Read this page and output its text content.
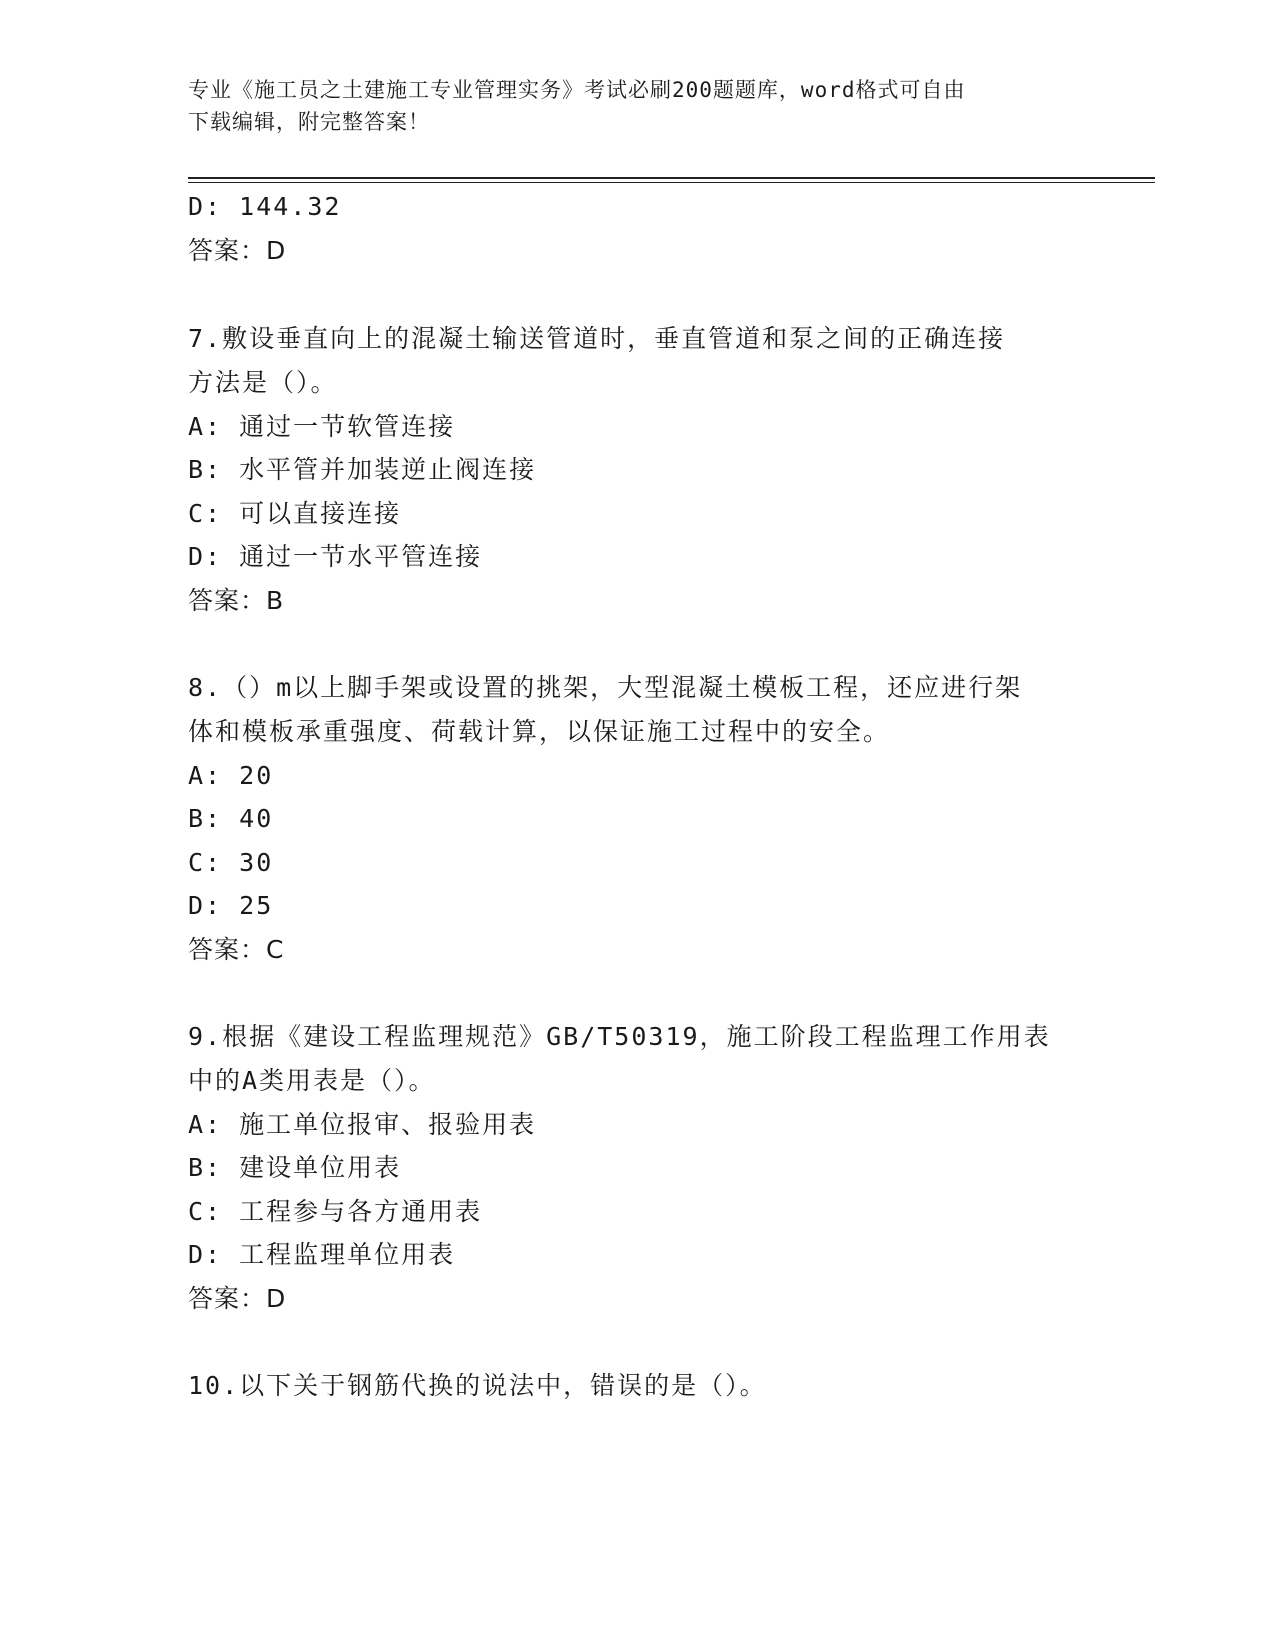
专业《施工员之土建施工专业管理实务》考试必刷200题题库，word格式可自由
下载编辑，附完整答案！
D: 144.32
答案：D
7.敷设垂直向上的混凝土输送管道时，垂直管道和泵之间的正确连接
方法是（）。
A: 通过一节软管连接
B: 水平管并加装逆止阀连接
C: 可以直接连接
D: 通过一节水平管连接
答案：B
8.（）m以上脚手架或设置的挑架，大型混凝土模板工程，还应进行架
体和模板承重强度、荷载计算，以保证施工过程中的安全。
A: 20
B: 40
C: 30
D: 25
答案：C
9.根据《建设工程监理规范》GB/T50319，施工阶段工程监理工作用表
中的A类用表是（）。
A: 施工单位报审、报验用表
B: 建设单位用表
C: 工程参与各方通用表
D: 工程监理单位用表
答案：D
10.以下关于钢筋代换的说法中，错误的是（）。
